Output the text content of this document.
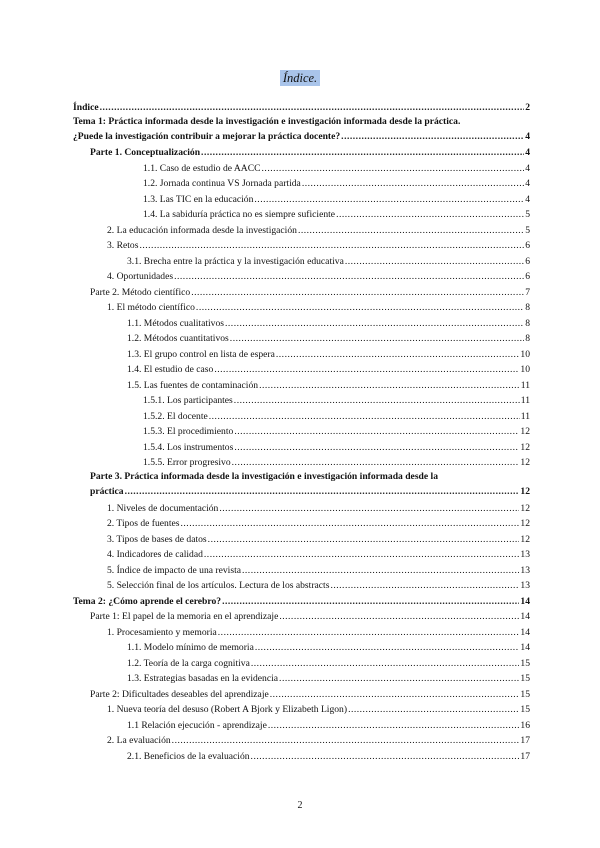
Índice.
Índice .....	2
Tema 1: Práctica informada desde la investigación e investigación informada desde la práctica.
¿Puede la investigación contribuir a mejorar la práctica docente? .....	4
Parte 1. Conceptualización .....	4
1.1. Caso de estudio de AACC .....	4
1.2. Jornada continua VS Jornada partida .....	4
1.3. Las TIC en la educación .....	4
1.4. La sabiduría práctica no es siempre suficiente .....	5
2. La educación informada desde la investigación .....	5
3. Retos .....	6
3.1. Brecha entre la práctica y la investigación educativa .....	6
4. Oportunidades .....	6
Parte 2. Método científico .....	7
1. El método científico .....	8
1.1. Métodos cualitativos .....	8
1.2. Métodos cuantitativos .....	8
1.3. El grupo control en lista de espera .....	10
1.4. El estudio de caso .....	10
1.5. Las fuentes de contaminación .....	11
1.5.1. Los participantes .....	11
1.5.2. El docente .....	11
1.5.3. El procedimiento .....	12
1.5.4. Los instrumentos .....	12
1.5.5. Error progresivo .....	12
Parte 3. Práctica informada desde la investigación e investigación informada desde la
práctica .....	12
1. Niveles de documentación .....	12
2. Tipos de fuentes .....	12
3. Tipos de bases de datos .....	12
4. Indicadores de calidad .....	13
5. Índice de impacto de una revista .....	13
5. Selección final de los artículos. Lectura de los abstracts .....	13
Tema 2: ¿Cómo aprende el cerebro? .....	14
Parte 1: El papel de la memoria en el aprendizaje .....	14
1. Procesamiento y memoria .....	14
1.1. Modelo mínimo de memoria .....	14
1.2. Teoría de la carga cognitiva .....	15
1.3. Estrategias basadas en la evidencia .....	15
Parte 2: Dificultades deseables del aprendizaje .....	15
1. Nueva teoría del desuso (Robert A Bjork y Elizabeth Ligon) .....	15
1.1 Relación ejecución - aprendizaje .....	16
2. La evaluación .....	17
2.1. Beneficios de la evaluación .....	17
2
